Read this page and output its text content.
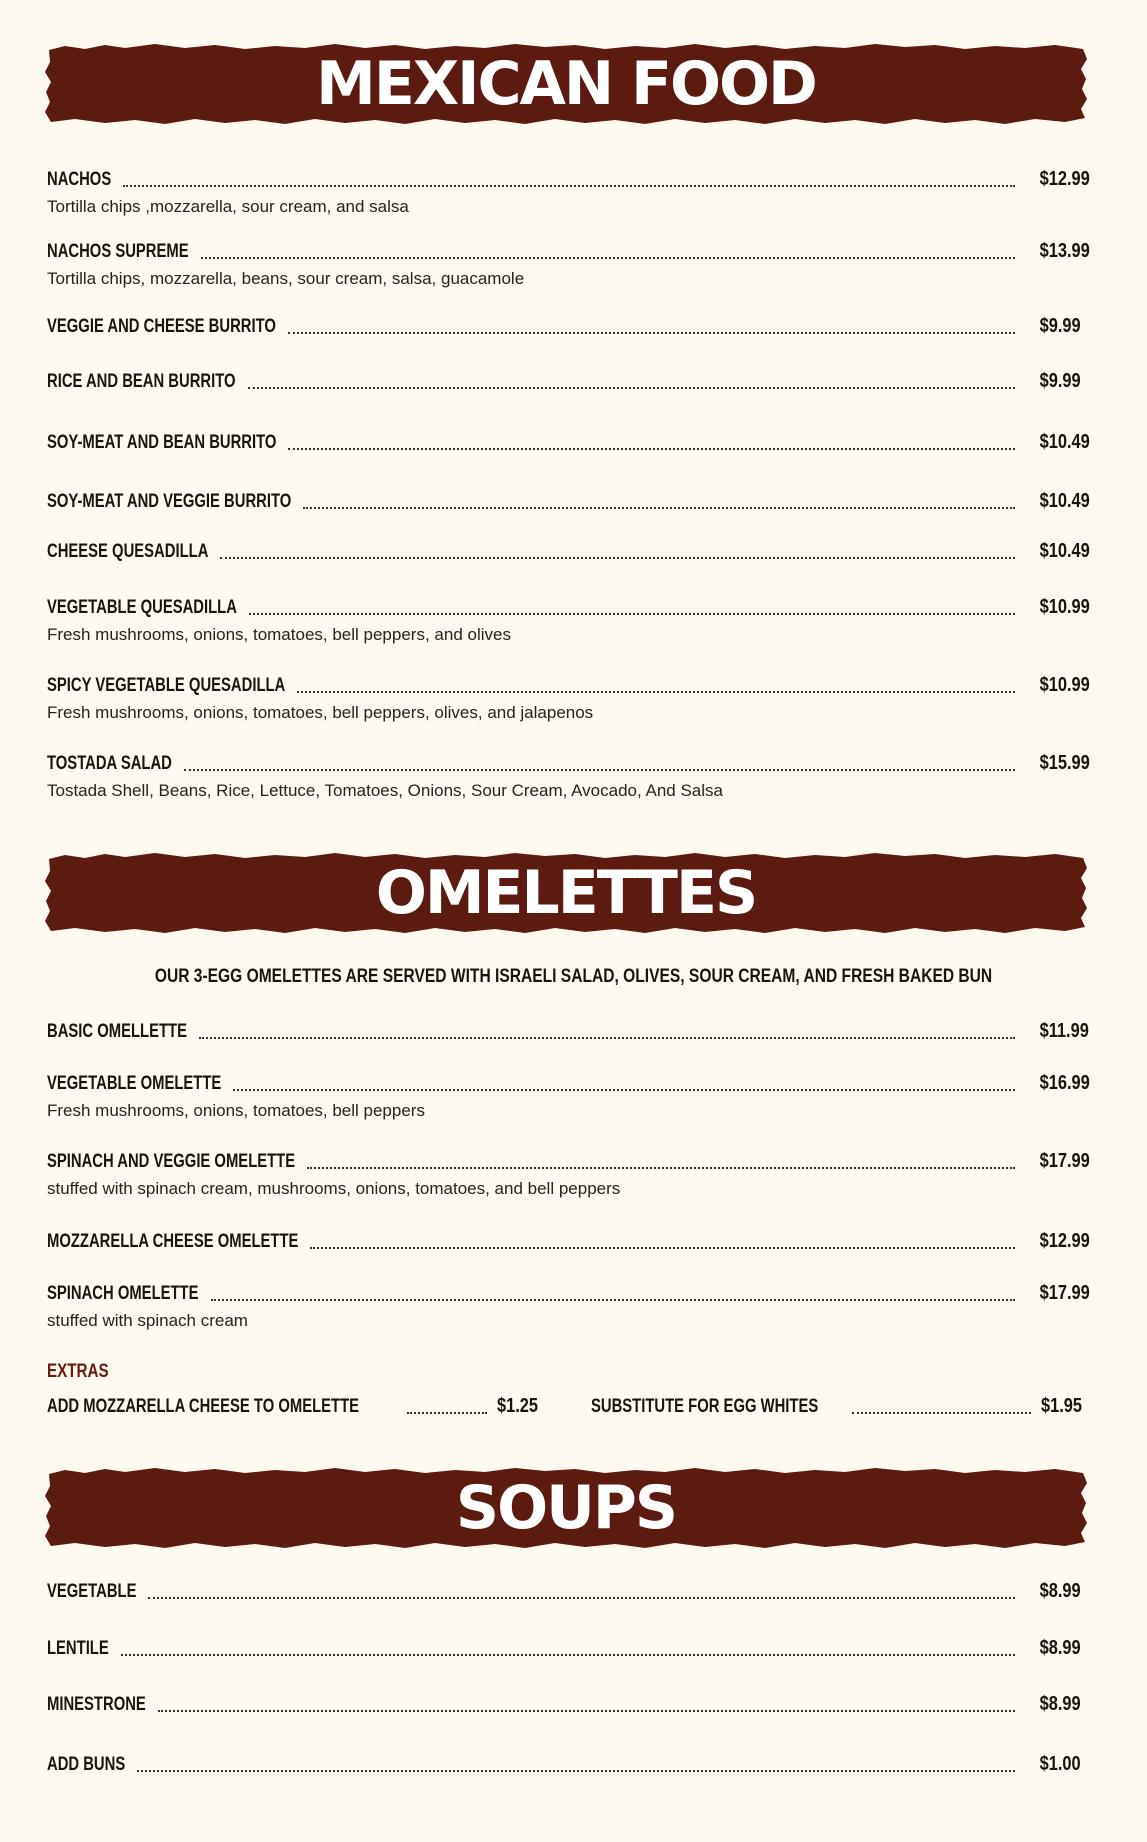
MEXICAN FOOD
NACHOS	$12.99
Tortilla chips ,mozzarella, sour cream, and salsa
NACHOS SUPREME	$13.99
Tortilla chips, mozzarella, beans, sour cream, salsa, guacamole
VEGGIE AND CHEESE BURRITO	$9.99
RICE AND BEAN BURRITO	$9.99
SOY-MEAT AND BEAN BURRITO	$10.49
SOY-MEAT AND VEGGIE BURRITO	$10.49
CHEESE QUESADILLA	$10.49
VEGETABLE QUESADILLA	$10.99
Fresh mushrooms, onions, tomatoes, bell peppers, and olives
SPICY VEGETABLE QUESADILLA	$10.99
Fresh mushrooms, onions, tomatoes, bell peppers, olives, and jalapenos
TOSTADA SALAD	$15.99
Tostada Shell, Beans, Rice, Lettuce, Tomatoes, Onions, Sour Cream, Avocado, And Salsa
OMELETTES
OUR 3-EGG OMELETTES ARE SERVED WITH ISRAELI SALAD, OLIVES, SOUR CREAM, AND FRESH BAKED BUN
BASIC OMELLETTE	$11.99
VEGETABLE OMELETTE	$16.99
Fresh mushrooms, onions, tomatoes, bell peppers
SPINACH AND VEGGIE OMELETTE	$17.99
stuffed with spinach cream, mushrooms, onions, tomatoes, and bell peppers
MOZZARELLA CHEESE OMELETTE	$12.99
SPINACH OMELETTE	$17.99
stuffed with spinach cream
EXTRAS
ADD MOZZARELLA CHEESE TO OMELETTE	$1.25	SUBSTITUTE FOR EGG WHITES	$1.95
SOUPS
VEGETABLE	$8.99
LENTILE	$8.99
MINESTRONE	$8.99
ADD BUNS	$1.00
